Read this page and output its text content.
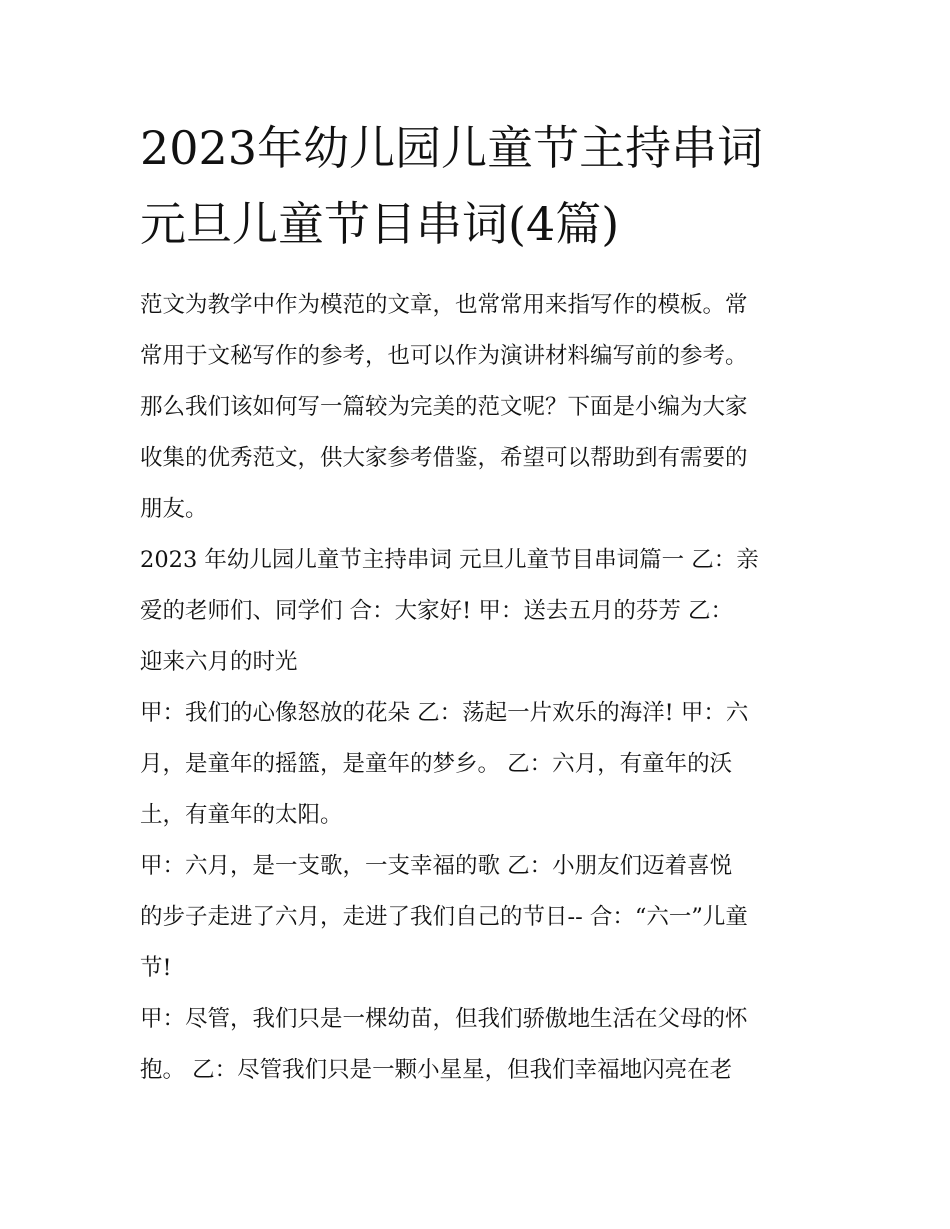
2023年幼儿园儿童节主持串词
元旦儿童节目串词(4篇)

范文为教学中作为模范的文章，也常常用来指写作的模板。常
常用于文秘写作的参考，也可以作为演讲材料编写前的参考。
那么我们该如何写一篇较为完美的范文呢？下面是小编为大家
收集的优秀范文，供大家参考借鉴，希望可以帮助到有需要的
朋友。

2023 年幼儿园儿童节主持串词 元旦儿童节目串词篇一 乙：亲
爱的老师们、同学们 合：大家好! 甲：送去五月的芬芳 乙：
迎来六月的时光

甲：我们的心像怒放的花朵 乙：荡起一片欢乐的海洋! 甲：六
月，是童年的摇篮，是童年的梦乡。 乙：六月，有童年的沃
土，有童年的太阳。

甲：六月，是一支歌，一支幸福的歌 乙：小朋友们迈着喜悦
的步子走进了六月，走进了我们自己的节日-- 合：“六一”儿童
节!

甲：尽管，我们只是一棵幼苗，但我们骄傲地生活在父母的怀
抱。 乙：尽管我们只是一颗小星星，但我们幸福地闪亮在老
